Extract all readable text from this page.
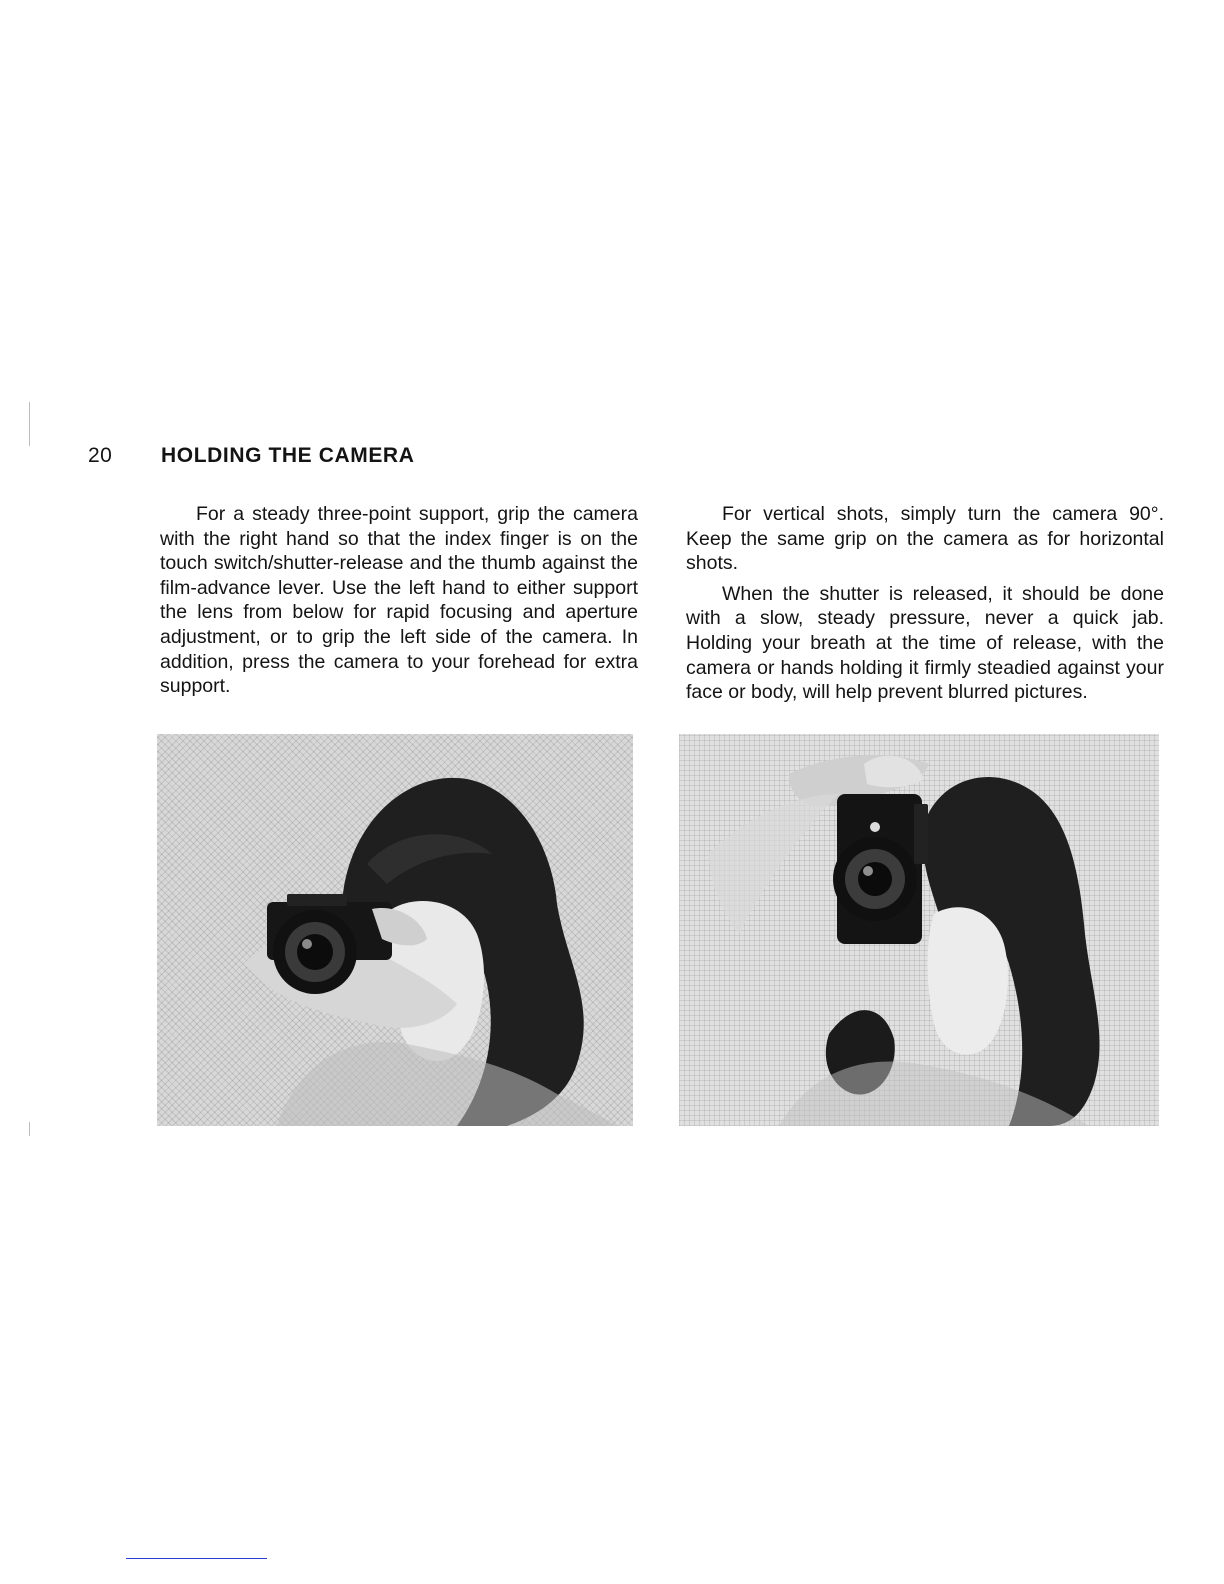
20 HOLDING THE CAMERA

For a steady three-point support, grip the camera with the right hand so that the index finger is on the touch switch/shutter-release and the thumb against the film-advance lever. Use the left hand to either support the lens from below for rapid focusing and aperture adjustment, or to grip the left side of the camera. In addition, press the camera to your forehead for extra support.

For vertical shots, simply turn the camera 90°. Keep the same grip on the camera as for horizontal shots.

When the shutter is released, it should be done with a slow, steady pressure, never a quick jab. Holding your breath at the time of release, with the camera or hands holding it firmly steadied against your face or body, will help prevent blurred pictures.
